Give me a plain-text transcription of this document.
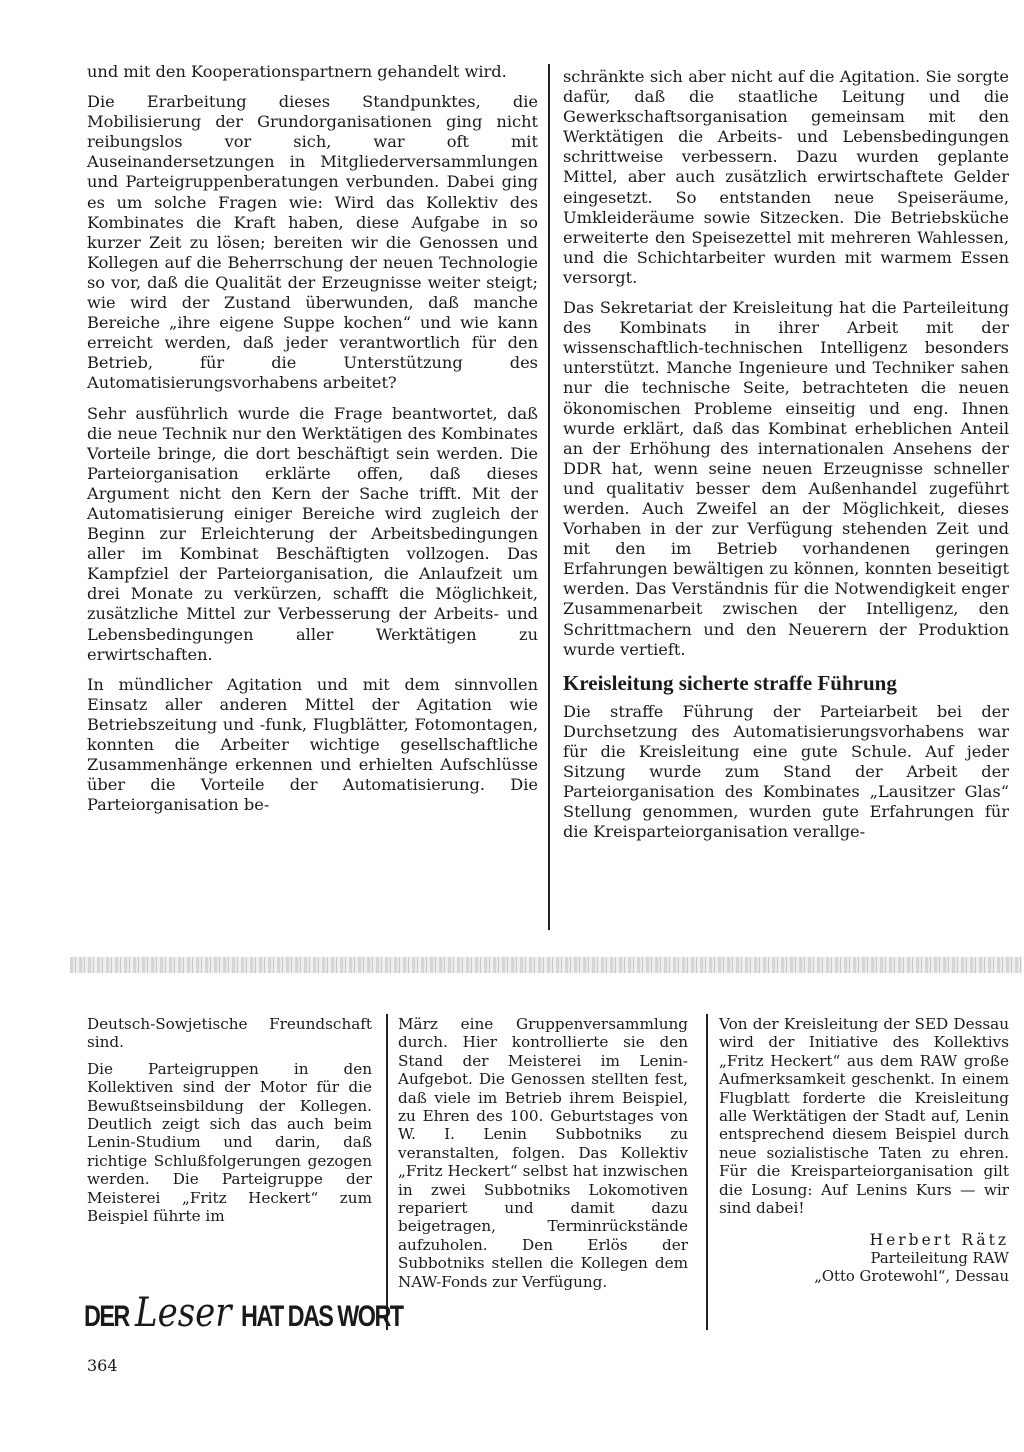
und mit den Kooperationspartnern gehandelt wird.

Die Erarbeitung dieses Standpunktes, die Mobilisierung der Grundorganisationen ging nicht reibungslos vor sich, war oft mit Auseinandersetzungen in Mitgliederversammlungen und Parteigruppenberatungen verbunden. Dabei ging es um solche Fragen wie: Wird das Kollektiv des Kombinates die Kraft haben, diese Aufgabe in so kurzer Zeit zu lösen; bereiten wir die Genossen und Kollegen auf die Beherrschung der neuen Technologie so vor, daß die Qualität der Erzeugnisse weiter steigt; wie wird der Zustand überwunden, daß manche Bereiche „ihre eigene Suppe kochen“ und wie kann erreicht werden, daß jeder verantwortlich für den Betrieb, für die Unterstützung des Automatisierungsvorhabens arbeitet?

Sehr ausführlich wurde die Frage beantwortet, daß die neue Technik nur den Werktätigen des Kombinates Vorteile bringe, die dort beschäftigt sein werden. Die Parteiorganisation erklärte offen, daß dieses Argument nicht den Kern der Sache trifft. Mit der Automatisierung einiger Bereiche wird zugleich der Beginn zur Erleichterung der Arbeitsbedingungen aller im Kombinat Beschäftigten vollzogen. Das Kampfziel der Parteiorganisation, die Anlaufzeit um drei Monate zu verkürzen, schafft die Möglichkeit, zusätzliche Mittel zur Verbesserung der Arbeits- und Lebensbedingungen aller Werktätigen zu erwirtschaften.

In mündlicher Agitation und mit dem sinnvollen Einsatz aller anderen Mittel der Agitation wie Betriebszeitung und -funk, Flugblätter, Fotomontagen, konnten die Arbeiter wichtige gesellschaftliche Zusammenhänge erkennen und erhielten Aufschlüsse über die Vorteile der Automatisierung. Die Parteiorganisation be-

schränkte sich aber nicht auf die Agitation. Sie sorgte dafür, daß die staatliche Leitung und die Gewerkschaftsorganisation gemeinsam mit den Werktätigen die Arbeits- und Lebensbedingungen schrittweise verbessern. Dazu wurden geplante Mittel, aber auch zusätzlich erwirtschaftete Gelder eingesetzt. So entstanden neue Speiseräume, Umkleideräume sowie Sitzecken. Die Betriebsküche erweiterte den Speisezettel mit mehreren Wahlessen, und die Schichtarbeiter wurden mit warmem Essen versorgt.

Das Sekretariat der Kreisleitung hat die Parteileitung des Kombinats in ihrer Arbeit mit der wissenschaftlich-technischen Intelligenz besonders unterstützt. Manche Ingenieure und Techniker sahen nur die technische Seite, betrachteten die neuen ökonomischen Probleme einseitig und eng. Ihnen wurde erklärt, daß das Kombinat erheblichen Anteil an der Erhöhung des internationalen Ansehens der DDR hat, wenn seine neuen Erzeugnisse schneller und qualitativ besser dem Außenhandel zugeführt werden. Auch Zweifel an der Möglichkeit, dieses Vorhaben in der zur Verfügung stehenden Zeit und mit den im Betrieb vorhandenen geringen Erfahrungen bewältigen zu können, konnten beseitigt werden. Das Verständnis für die Notwendigkeit enger Zusammenarbeit zwischen der Intelligenz, den Schrittmachern und den Neuerern der Produktion wurde vertieft.

Kreisleitung sicherte straffe Führung

Die straffe Führung der Parteiarbeit bei der Durchsetzung des Automatisierungsvorhabens war für die Kreisleitung eine gute Schule. Auf jeder Sitzung wurde zum Stand der Arbeit der Parteiorganisation des Kombinates „Lausitzer Glas“ Stellung genommen, wurden gute Erfahrungen für die Kreisparteiorganisation verallge-

Deutsch-Sowjetische Freundschaft sind.

Die Parteigruppen in den Kollektiven sind der Motor für die Bewußtseinsbildung der Kollegen. Deutlich zeigt sich das auch beim Lenin-Studium und darin, daß richtige Schlußfolgerungen gezogen werden. Die Parteigruppe der Meisterei „Fritz Heckert“ zum Beispiel führte im

März eine Gruppenversammlung durch. Hier kontrollierte sie den Stand der Meisterei im Lenin-Aufgebot. Die Genossen stellten fest, daß viele im Betrieb ihrem Beispiel, zu Ehren des 100. Geburtstages von W. I. Lenin Subbotniks zu veranstalten, folgen. Das Kollektiv „Fritz Heckert“ selbst hat inzwischen in zwei Subbotniks Lokomotiven repariert und damit dazu beigetragen, Terminrückstände aufzuholen. Den Erlös der Subbotniks stellen die Kollegen dem NAW-Fonds zur Verfügung.

Von der Kreisleitung der SED Dessau wird der Initiative des Kollektivs „Fritz Heckert“ aus dem RAW große Aufmerksamkeit geschenkt. In einem Flugblatt forderte die Kreisleitung alle Werktätigen der Stadt auf, Lenin entsprechend diesem Beispiel durch neue sozialistische Taten zu ehren. Für die Kreisparteiorganisation gilt die Losung: Auf Lenins Kurs — wir sind dabei!

Herbert Rätz
Parteileitung RAW
„Otto Grotewohl“, Dessau
DER Leser HAT DAS WORT
364
